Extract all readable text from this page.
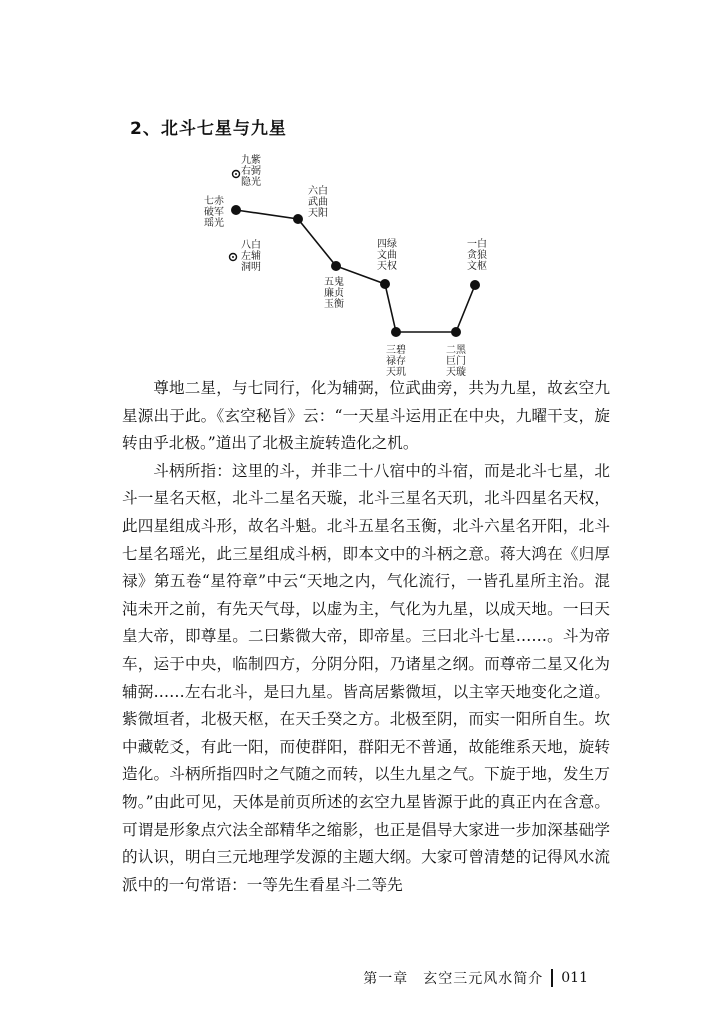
2、北斗七星与九星
一白
贪狼
文枢
二黑
巨门
天璇
三碧
禄存
天玑
四绿
文曲
天权
五鬼
廉贞
玉衡
六白
武曲
天阳
七赤
破军
瑶光
八白
左辅
洞明
九紫
右弼
隐光

尊地二星，与七同行，化为辅弼，位武曲旁，共为九星，故玄空九星源出于此。《玄空秘旨》云：“一天星斗运用正在中央，九曜干支，旋转由乎北极。”道出了北极主旋转造化之机。

斗柄所指：这里的斗，并非二十八宿中的斗宿，而是北斗七星，北斗一星名天枢，北斗二星名天璇，北斗三星名天玑，北斗四星名天权，此四星组成斗形，故名斗魁。北斗五星名玉衡，北斗六星名开阳，北斗七星名瑶光，此三星组成斗柄，即本文中的斗柄之意。蒋大鸿在《归厚禄》第五卷“星符章”中云“天地之内，气化流行，一皆孔星所主治。混沌未开之前，有先天气母，以虚为主，气化为九星，以成天地。一曰天皇大帝，即尊星。二曰紫微大帝，即帝星。三曰北斗七星……。斗为帝车，运于中央，临制四方，分阴分阳，乃诸星之纲。而尊帝二星又化为辅弼……左右北斗，是曰九星。皆高居紫微垣，以主宰天地变化之道。紫微垣者，北极天枢，在天壬癸之方。北极至阴，而实一阳所自生。坎中藏乾爻，有此一阳，而使群阳，群阳无不普通，故能维系天地，旋转造化。斗柄所指四时之气随之而转，以生九星之气。下旋于地，发生万物。”由此可见，天体是前页所述的玄空九星皆源于此的真正内在含意。可谓是形象点穴法全部精华之缩影，也正是倡导大家进一步加深基础学的认识，明白三元地理学发源的主题大纲。大家可曾清楚的记得风水流派中的一句常语：一等先生看星斗二等先

第一章　玄空三元风水简介 011
